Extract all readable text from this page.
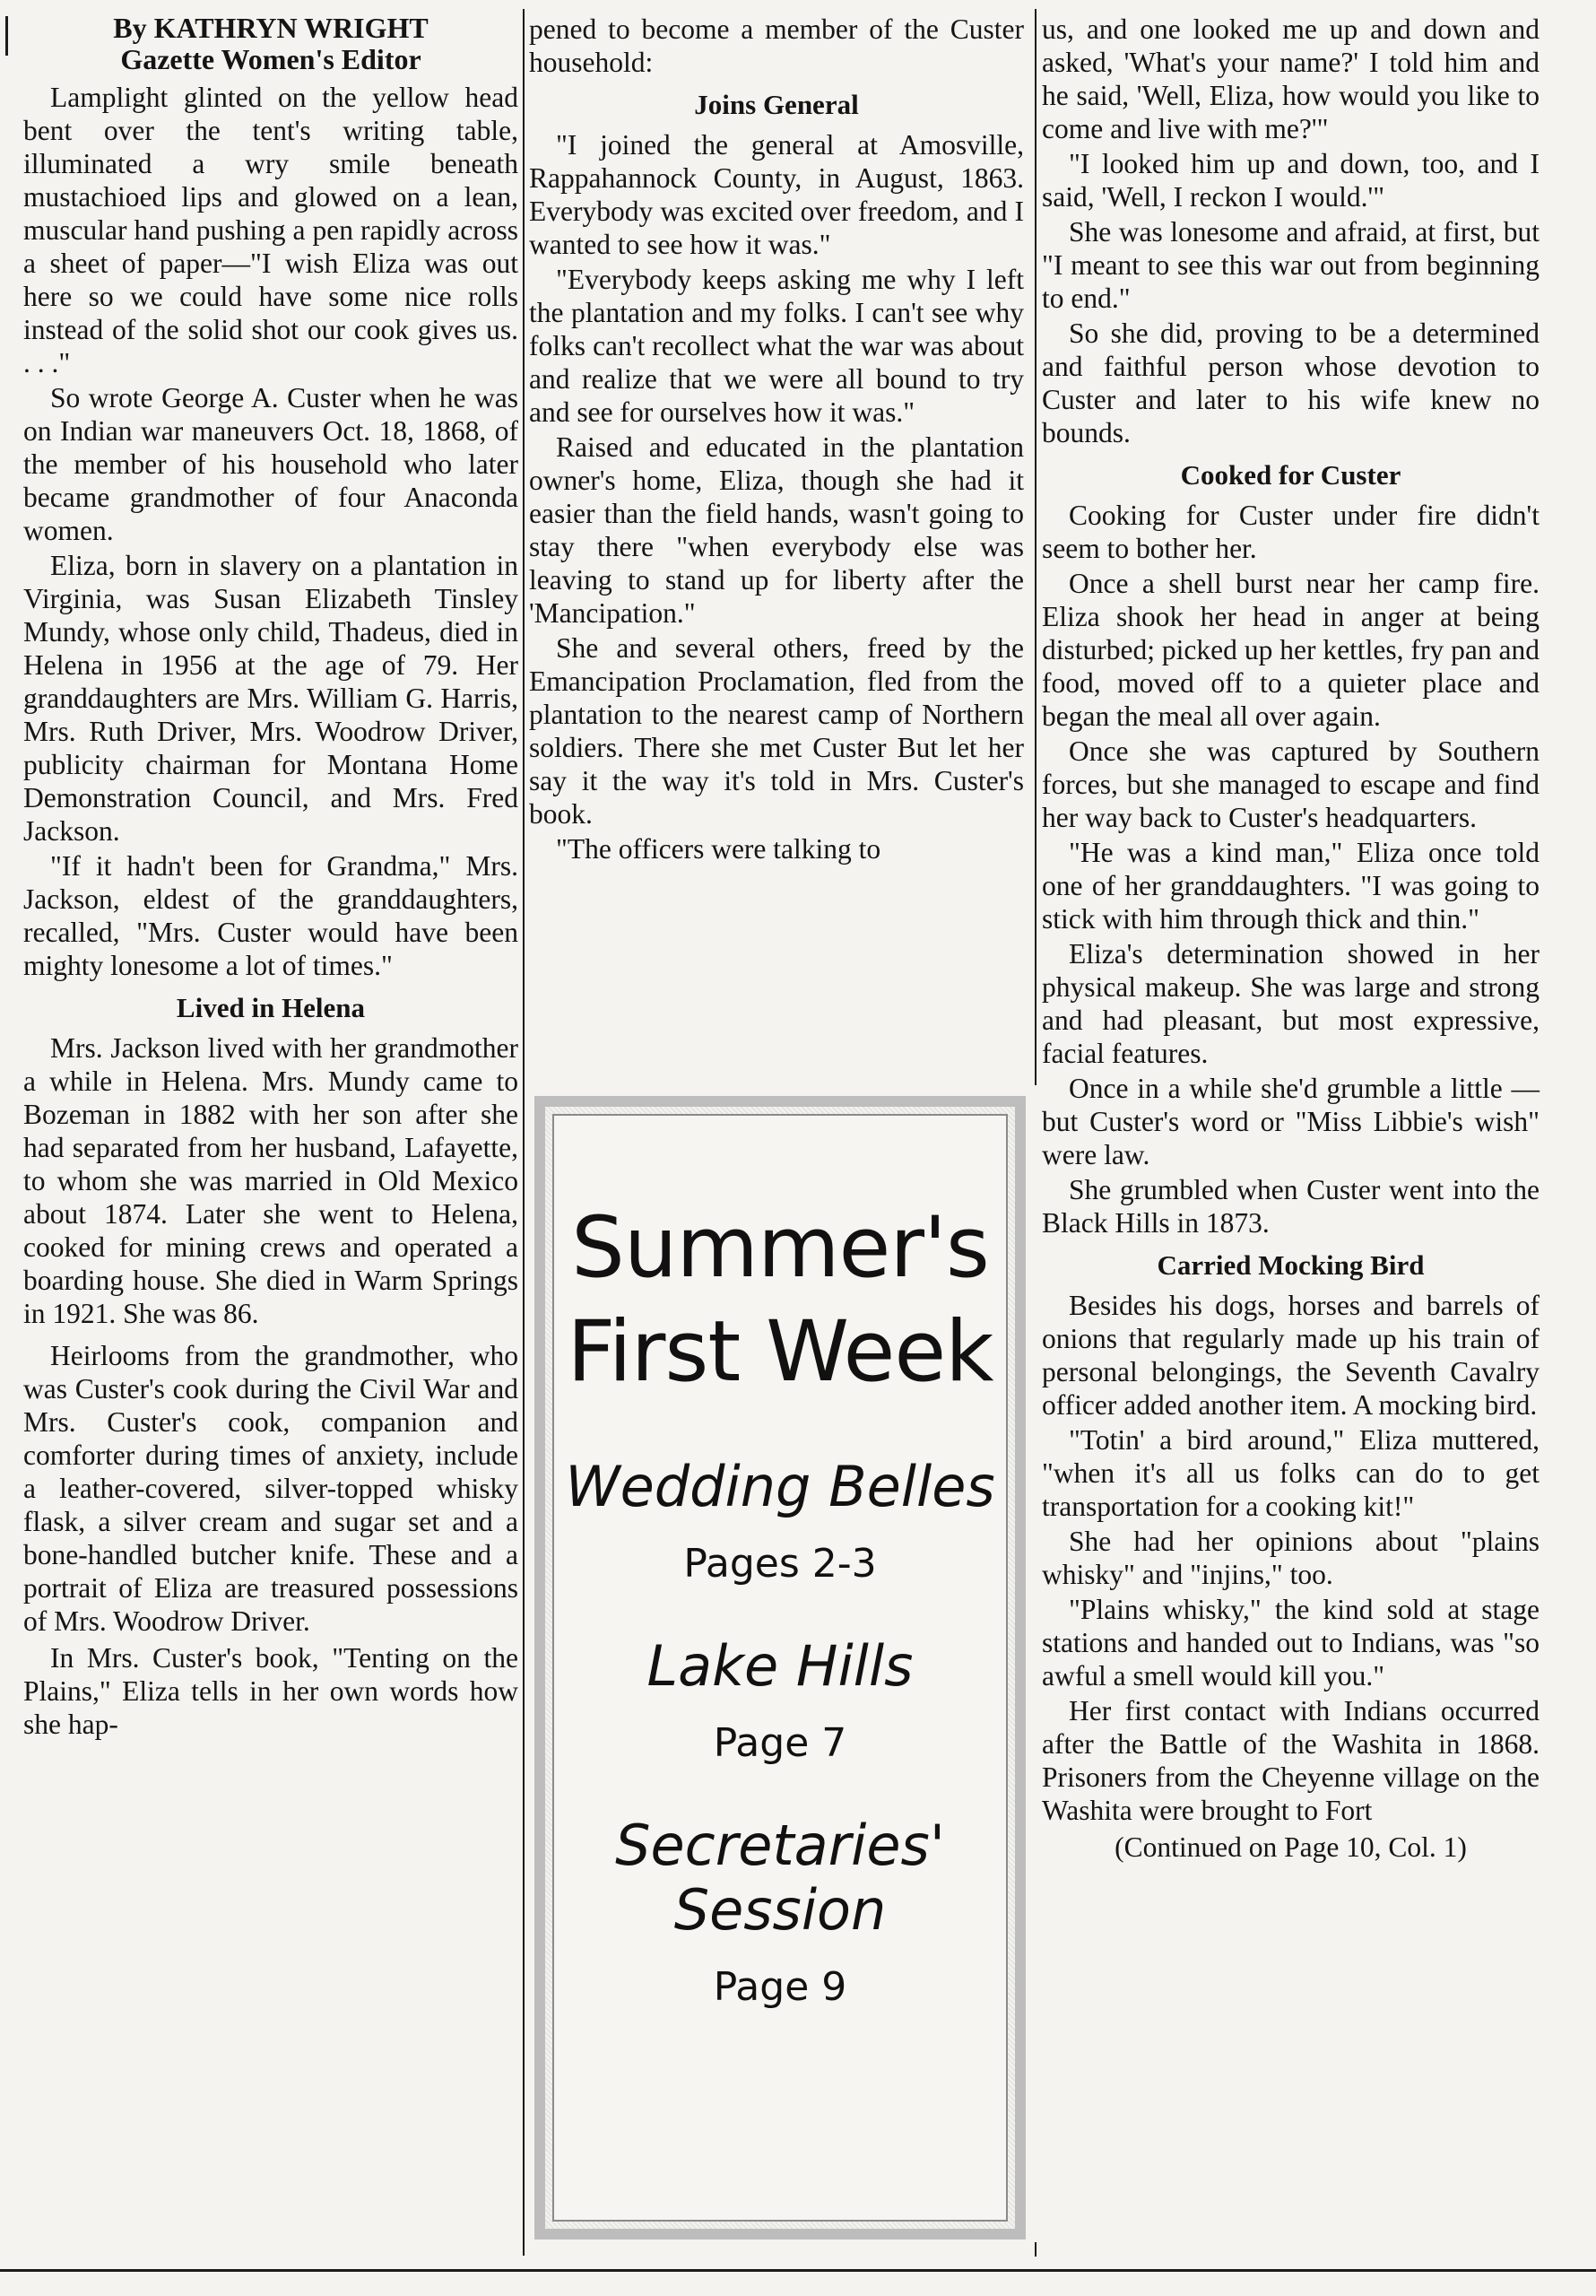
By KATHRYN WRIGHT
Gazette Women's Editor

Lamplight glinted on the yellow head bent over the tent's writing table, illuminated a wry smile beneath mustachioed lips and glowed on a lean, muscular hand pushing a pen rapidly across a sheet of paper—"I wish Eliza was out here so we could have some nice rolls instead of the solid shot our cook gives us. . . ."

So wrote George A. Custer when he was on Indian war maneuvers Oct. 18, 1868, of the member of his household who later became grandmother of four Anaconda women.

Eliza, born in slavery on a plantation in Virginia, was Susan Elizabeth Tinsley Mundy, whose only child, Thadeus, died in Helena in 1956 at the age of 79. Her granddaughters are Mrs. William G. Harris, Mrs. Ruth Driver, Mrs. Woodrow Driver, publicity chairman for Montana Home Demonstration Council, and Mrs. Fred Jackson.

"If it hadn't been for Grandma," Mrs. Jackson, eldest of the granddaughters, recalled, "Mrs. Custer would have been mighty lonesome a lot of times."

Lived in Helena

Mrs. Jackson lived with her grandmother a while in Helena. Mrs. Mundy came to Bozeman in 1882 with her son after she had separated from her husband, Lafayette, to whom she was married in Old Mexico about 1874. Later she went to Helena, cooked for mining crews and operated a boarding house. She died in Warm Springs in 1921. She was 86.

Heirlooms from the grandmother, who was Custer's cook during the Civil War and Mrs. Custer's cook, companion and comforter during times of anxiety, include a leather-covered, silver-topped whisky flask, a silver cream and sugar set and a bone-handled butcher knife. These and a portrait of Eliza are treasured possessions of Mrs. Woodrow Driver.

In Mrs. Custer's book, "Tenting on the Plains," Eliza tells in her own words how she hap-

pened to become a member of the Custer household:

Joins General

"I joined the general at Amosville, Rappahannock County, in August, 1863. Everybody was excited over freedom, and I wanted to see how it was."

"Everybody keeps asking me why I left the plantation and my folks. I can't see why folks can't recollect what the war was about and realize that we were all bound to try and see for ourselves how it was."

Raised and educated in the plantation owner's home, Eliza, though she had it easier than the field hands, wasn't going to stay there "when everybody else was leaving to stand up for liberty after the 'Mancipation."

She and several others, freed by the Emancipation Proclamation, fled from the plantation to the nearest camp of Northern soldiers. There she met Custer But let her say it the way it's told in Mrs. Custer's book.

"The officers were talking to

Summer's
First Week
Wedding Belles
Pages 2-3
Lake Hills
Page 7
Secretaries'
Session
Page 9

us, and one looked me up and down and asked, 'What's your name?' I told him and he said, 'Well, Eliza, how would you like to come and live with me?'"

"I looked him up and down, too, and I said, 'Well, I reckon I would.'"

She was lonesome and afraid, at first, but "I meant to see this war out from beginning to end."

So she did, proving to be a determined and faithful person whose devotion to Custer and later to his wife knew no bounds.

Cooked for Custer

Cooking for Custer under fire didn't seem to bother her.

Once a shell burst near her camp fire. Eliza shook her head in anger at being disturbed; picked up her kettles, fry pan and food, moved off to a quieter place and began the meal all over again.

Once she was captured by Southern forces, but she managed to escape and find her way back to Custer's headquarters.

"He was a kind man," Eliza once told one of her granddaughters. "I was going to stick with him through thick and thin."

Eliza's determination showed in her physical makeup. She was large and strong and had pleasant, but most expressive, facial features.

Once in a while she'd grumble a little — but Custer's word or "Miss Libbie's wish" were law.

She grumbled when Custer went into the Black Hills in 1873.

Carried Mocking Bird

Besides his dogs, horses and barrels of onions that regularly made up his train of personal belongings, the Seventh Cavalry officer added another item. A mocking bird.

"Totin' a bird around," Eliza muttered, "when it's all us folks can do to get transportation for a cooking kit!"

She had her opinions about "plains whisky" and "injins," too.

"Plains whisky," the kind sold at stage stations and handed out to Indians, was "so awful a smell would kill you."

Her first contact with Indians occurred after the Battle of the Washita in 1868. Prisoners from the Cheyenne village on the Washita were brought to Fort

(Continued on Page 10, Col. 1)
